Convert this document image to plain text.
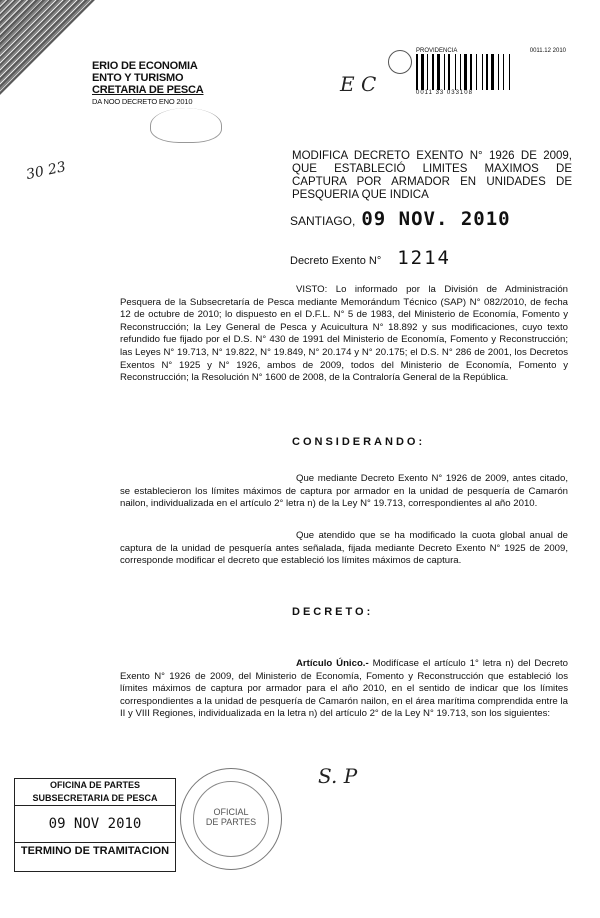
ERIO DE ECONOMIA
ENTO Y TURISMO
CRETARIA DE PESCA
DA NOO DECRETO ENO 2010
30 23
E C
S. P
PROVIDENCIA	0011.12 2010
0011 33 033108
MODIFICA DECRETO EXENTO N° 1926 DE 2009, QUE ESTABLECIÓ LIMITES MAXIMOS DE CAPTURA POR ARMADOR EN UNIDADES DE PESQUERIA QUE INDICA
SANTIAGO, 09 NOV. 2010
Decreto Exento N° 1214
VISTO: Lo informado por la División de Administración Pesquera de la Subsecretaría de Pesca mediante Memorándum Técnico (SAP) N° 082/2010, de fecha 12 de octubre de 2010; lo dispuesto en el D.F.L. N° 5 de 1983, del Ministerio de Economía, Fomento y Reconstrucción; la Ley General de Pesca y Acuicultura N° 18.892 y sus modificaciones, cuyo texto refundido fue fijado por el D.S. N° 430 de 1991 del Ministerio de Economía, Fomento y Reconstrucción; las Leyes N° 19.713, N° 19.822, N° 19.849, N° 20.174 y N° 20.175; el D.S. N° 286 de 2001, los Decretos Exentos N° 1925 y N° 1926, ambos de 2009, todos del Ministerio de Economía, Fomento y Reconstrucción; la Resolución N° 1600 de 2008, de la Contraloría General de la República.
CONSIDERANDO:
Que mediante Decreto Exento N° 1926 de 2009, antes citado, se establecieron los límites máximos de captura por armador en la unidad de pesquería de Camarón nailon, individualizada en el artículo 2° letra n) de la Ley N° 19.713, correspondientes al año 2010.
Que atendido que se ha modificado la cuota global anual de captura de la unidad de pesquería antes señalada, fijada mediante Decreto Exento N° 1925 de 2009, corresponde modificar el decreto que estableció los límites máximos de captura.
DECRETO:
Artículo Único.- Modifícase el artículo 1° letra n) del Decreto Exento N° 1926 de 2009, del Ministerio de Economía, Fomento y Reconstrucción que estableció los límites máximos de captura por armador para el año 2010, en el sentido de indicar que los límites correspondientes a la unidad de pesquería de Camarón nailon, en el área marítima comprendida entre la II y VIII Regiones, individualizada en la letra n) del artículo 2° de la Ley N° 19.713, son los siguientes:
OFICINA DE PARTES
SUBSECRETARIA DE PESCA
09 NOV 2010
TERMINO DE TRAMITACION
OFICIAL
DE PARTES
